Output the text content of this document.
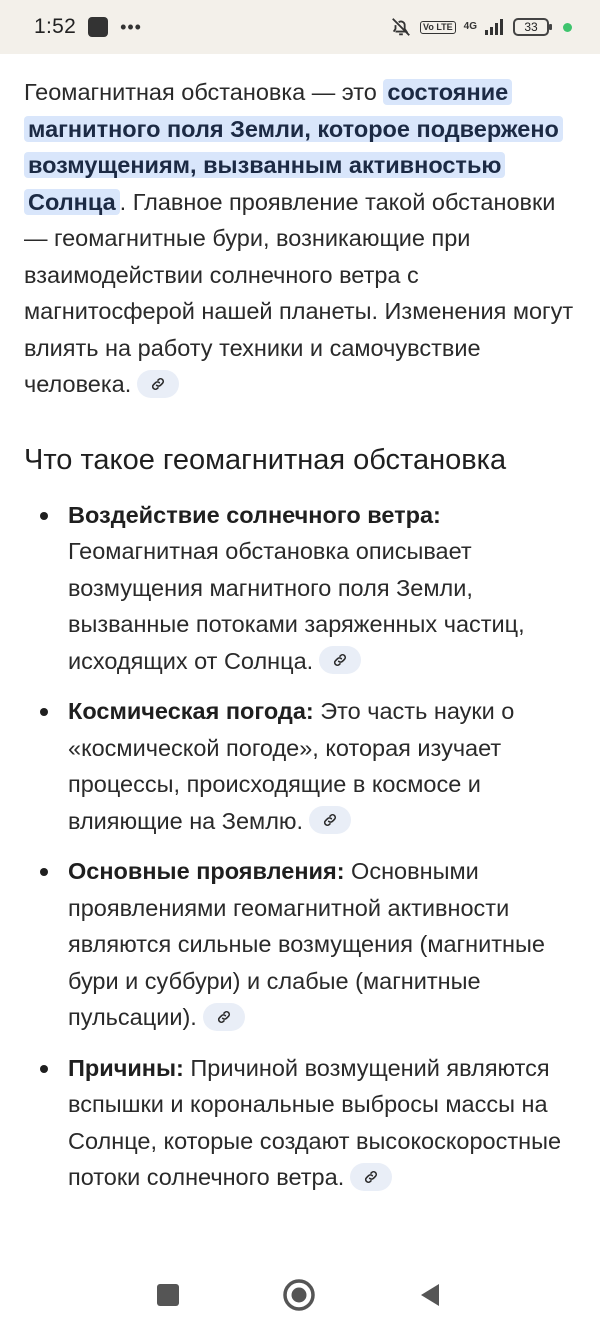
1:52 •••	Vo LTE	4G	33

Геомагнитная обстановка — это состояние магнитного поля Земли, которое подвержено возмущениям, вызванным активностью Солнца . Главное проявление такой обстановки — геомагнитные бури, возникающие при взаимодействии солнечного ветра с магнитосферой нашей планеты. Изменения могут влиять на работу техники и самочувствие человека.

Что такое геомагнитная обстановка
Воздействие солнечного ветра: Геомагнитная обстановка описывает возмущения магнитного поля Земли, вызванные потоками заряженных частиц, исходящих от Солнца.
Космическая погода: Это часть науки о «космической погоде», которая изучает процессы, происходящие в космосе и влияющие на Землю.
Основные проявления: Основными проявлениями геомагнитной активности являются сильные возмущения (магнитные бури и суббури) и слабые (магнитные пульсации).
Причины: Причиной возмущений являются вспышки и корональные выбросы массы на Солнце, которые создают высокоскоростные потоки солнечного ветра.
